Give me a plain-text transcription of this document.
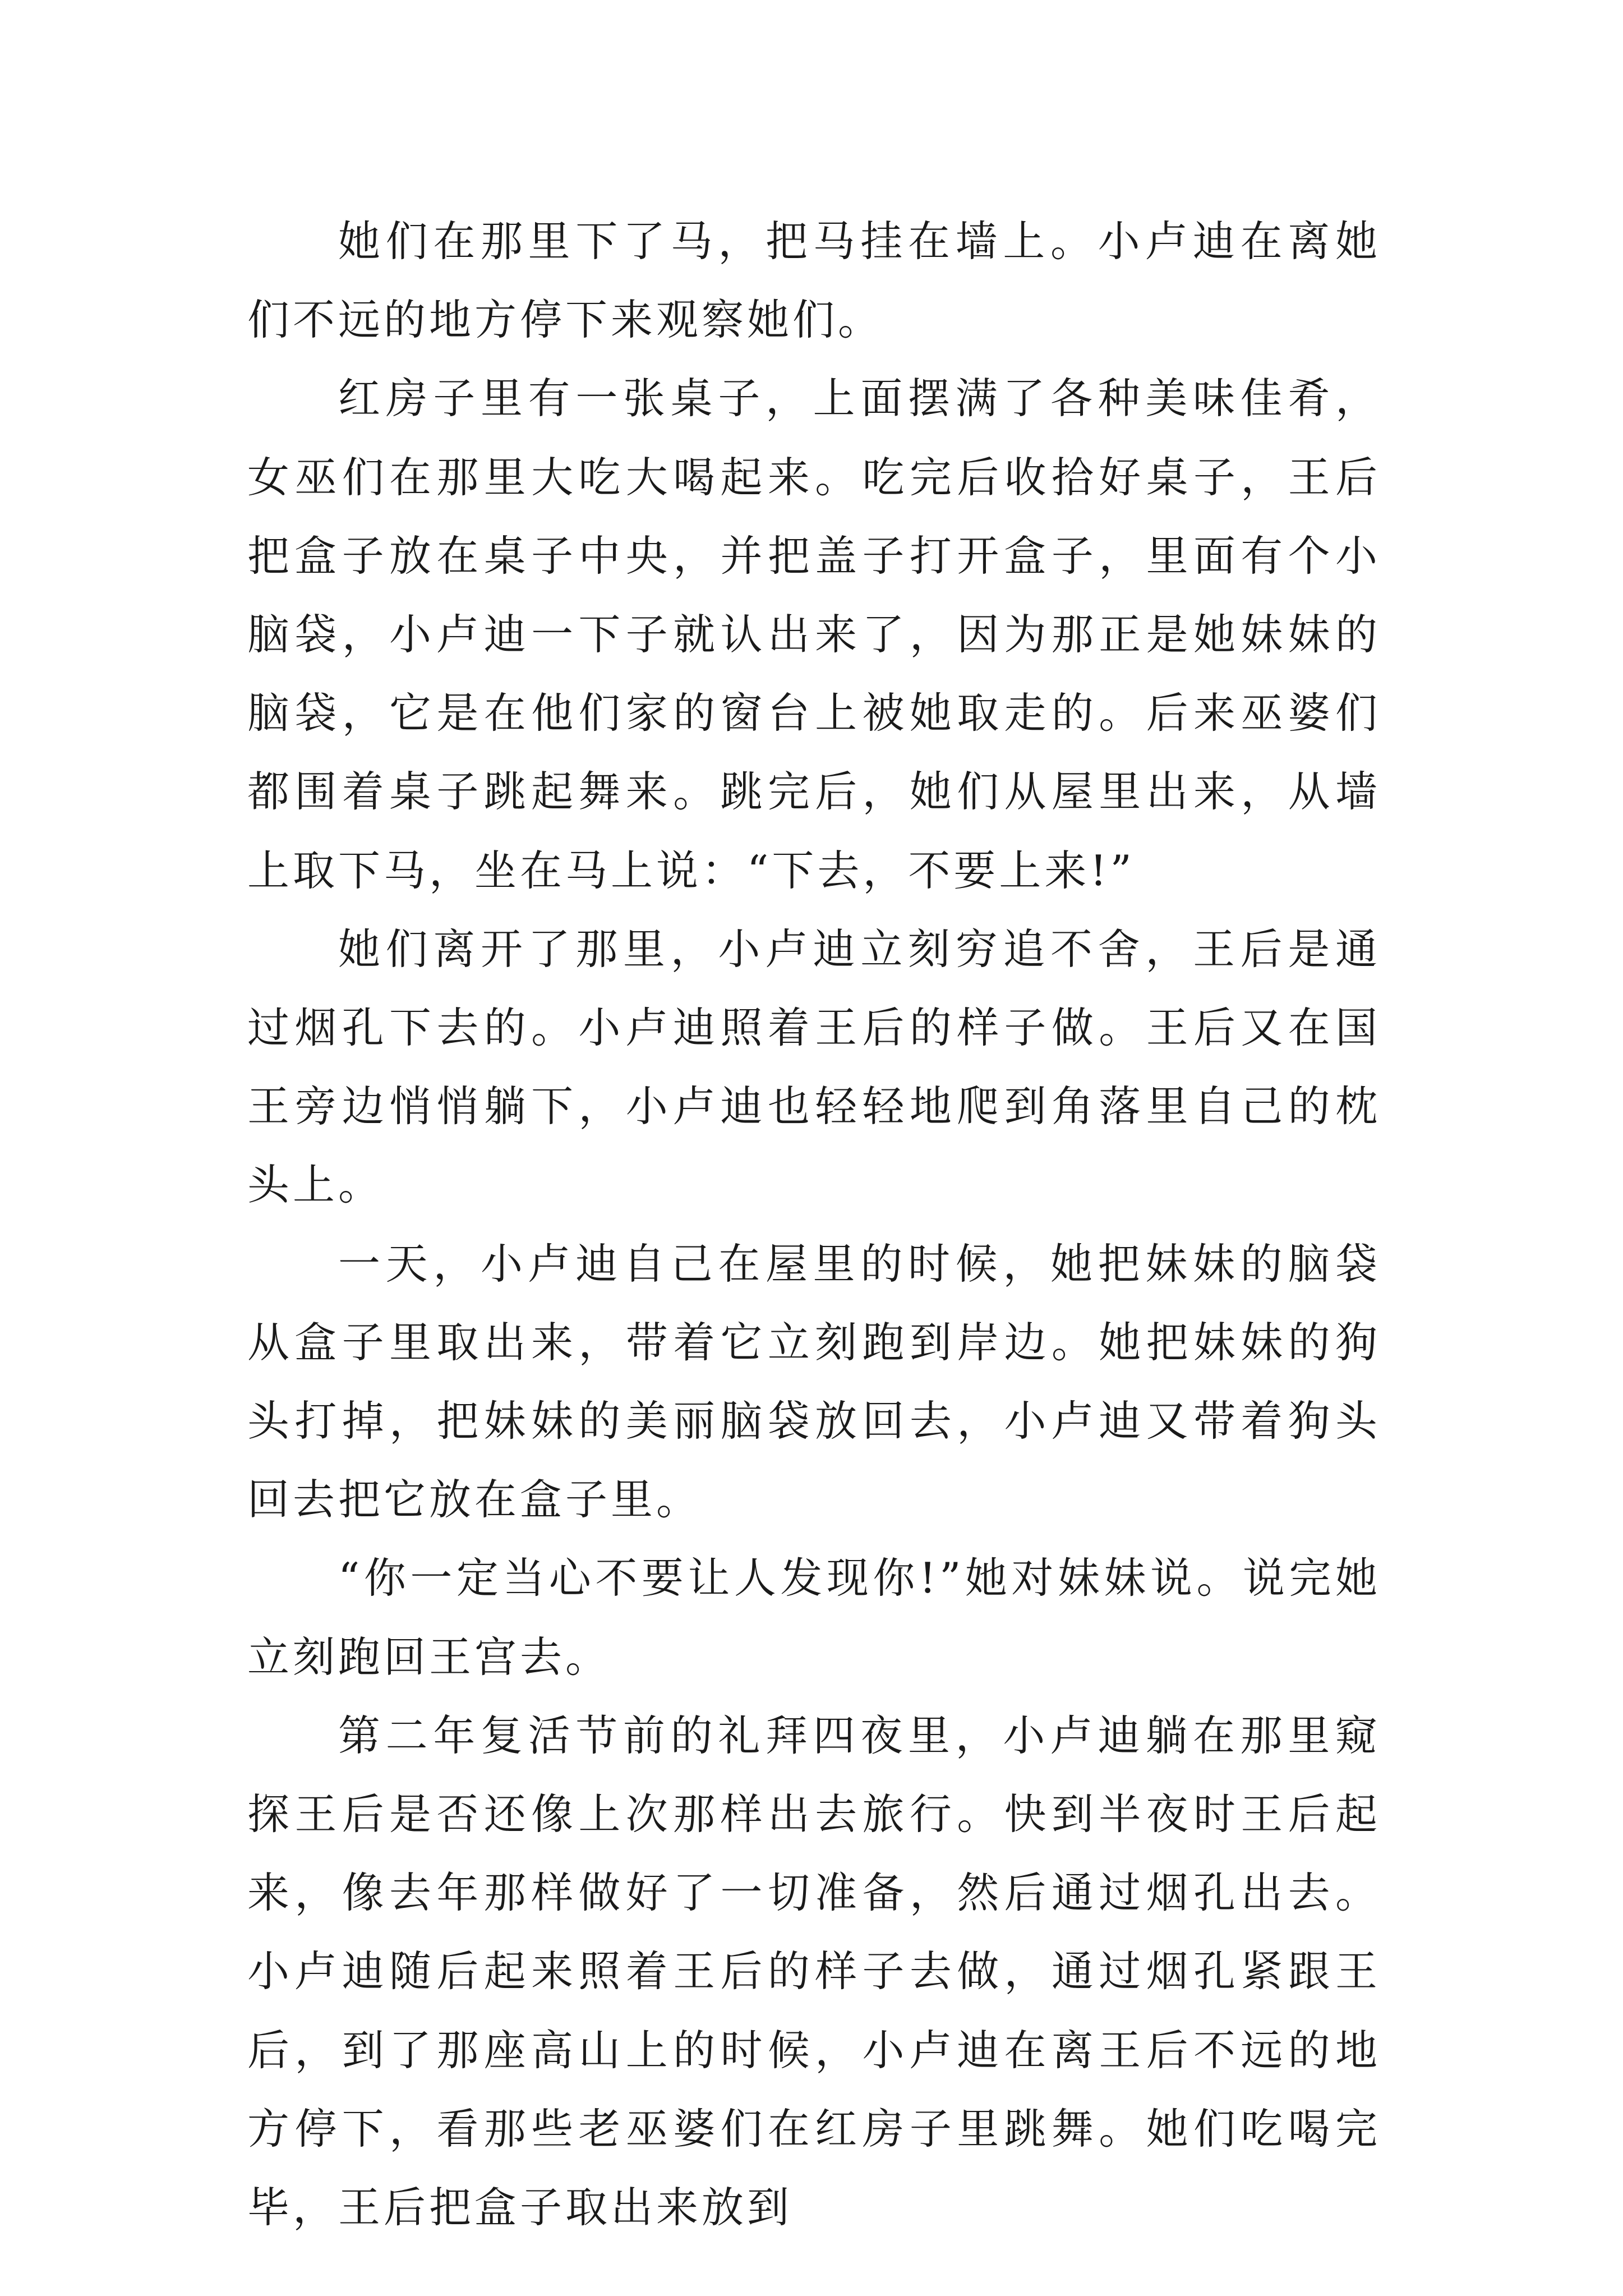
她们在那里下了马，把马挂在墙上。小卢迪在离她们不远的地方停下来观察她们。

红房子里有一张桌子，上面摆满了各种美味佳肴，女巫们在那里大吃大喝起来。吃完后收拾好桌子，王后把盒子放在桌子中央，并把盖子打开盒子，里面有个小脑袋，小卢迪一下子就认出来了，因为那正是她妹妹的脑袋，它是在他们家的窗台上被她取走的。后来巫婆们都围着桌子跳起舞来。跳完后，她们从屋里出来，从墙上取下马，坐在马上说：“下去，不要上来!”

她们离开了那里，小卢迪立刻穷追不舍，王后是通过烟孔下去的。小卢迪照着王后的样子做。王后又在国王旁边悄悄躺下，小卢迪也轻轻地爬到角落里自己的枕头上。

一天，小卢迪自己在屋里的时候，她把妹妹的脑袋从盒子里取出来，带着它立刻跑到岸边。她把妹妹的狗头打掉，把妹妹的美丽脑袋放回去，小卢迪又带着狗头回去把它放在盒子里。

“你一定当心不要让人发现你!”她对妹妹说。说完她立刻跑回王宫去。

第二年复活节前的礼拜四夜里，小卢迪躺在那里窥探王后是否还像上次那样出去旅行。快到半夜时王后起来，像去年那样做好了一切准备，然后通过烟孔出去。小卢迪随后起来照着王后的样子去做，通过烟孔紧跟王后，到了那座高山上的时候，小卢迪在离王后不远的地方停下，看那些老巫婆们在红房子里跳舞。她们吃喝完毕，王后把盒子取出来放到
